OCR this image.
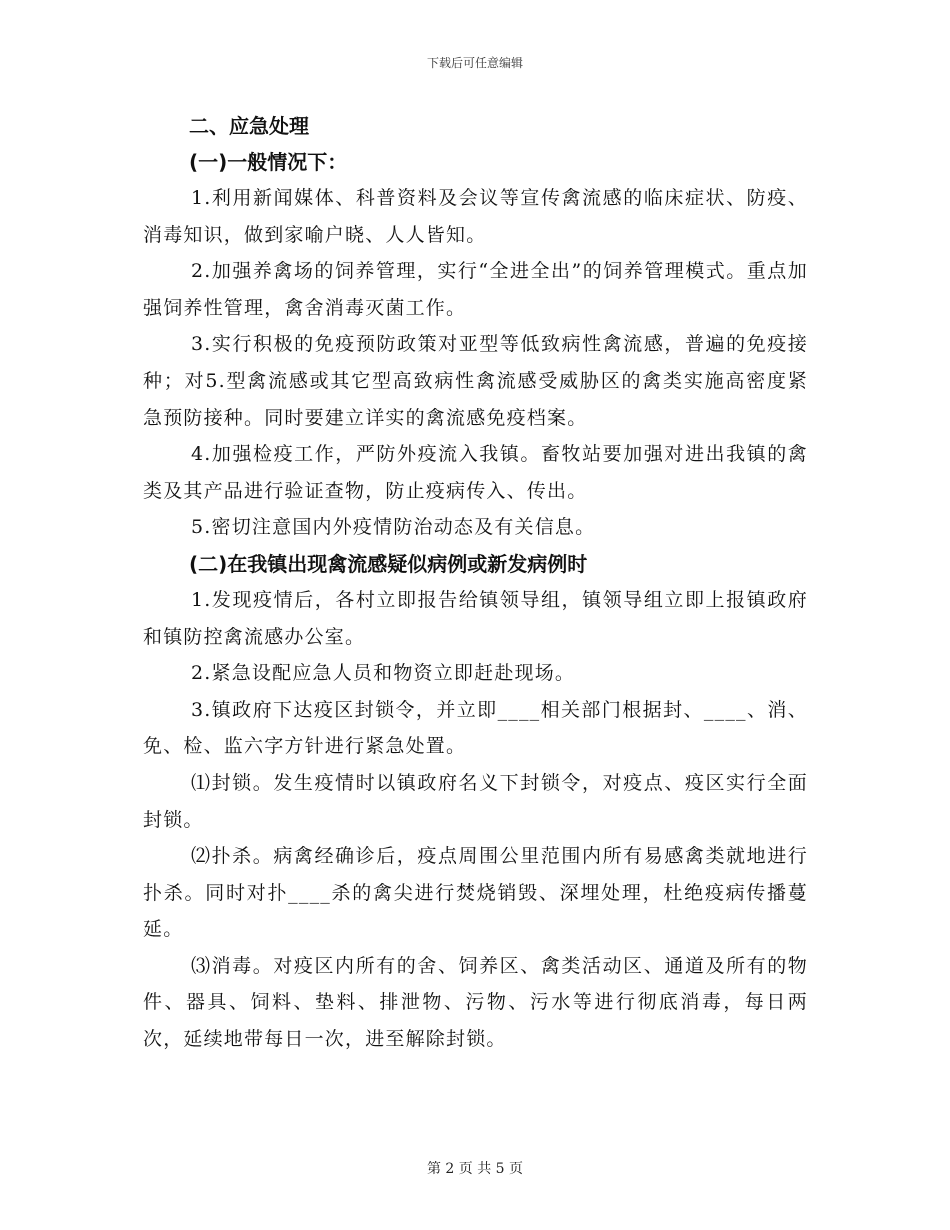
下载后可任意编辑

二、应急处理

(一)一般情况下：

1.利用新闻媒体、科普资料及会议等宣传禽流感的临床症状、防疫、消毒知识，做到家喻户晓、人人皆知。

2.加强养禽场的饲养管理，实行“全进全出”的饲养管理模式。重点加强饲养性管理，禽舍消毒灭菌工作。

3.实行积极的免疫预防政策对亚型等低致病性禽流感，普遍的免疫接种；对5.型禽流感或其它型高致病性禽流感受威胁区的禽类实施高密度紧急预防接种。同时要建立详实的禽流感免疫档案。

4.加强检疫工作，严防外疫流入我镇。畜牧站要加强对进出我镇的禽类及其产品进行验证查物，防止疫病传入、传出。

5.密切注意国内外疫情防治动态及有关信息。

(二)在我镇出现禽流感疑似病例或新发病例时

1.发现疫情后，各村立即报告给镇领导组，镇领导组立即上报镇政府和镇防控禽流感办公室。

2.紧急设配应急人员和物资立即赶赴现场。

3.镇政府下达疫区封锁令，并立即____相关部门根据封、____、消、免、检、监六字方针进行紧急处置。

⑴封锁。发生疫情时以镇政府名义下封锁令，对疫点、疫区实行全面封锁。

⑵扑杀。病禽经确诊后，疫点周围公里范围内所有易感禽类就地进行扑杀。同时对扑____杀的禽尖进行焚烧销毁、深埋处理，杜绝疫病传播蔓延。

⑶消毒。对疫区内所有的舍、饲养区、禽类活动区、通道及所有的物件、器具、饲料、垫料、排泄物、污物、污水等进行彻底消毒，每日两次，延续地带每日一次，进至解除封锁。

第 2 页 共 5 页
